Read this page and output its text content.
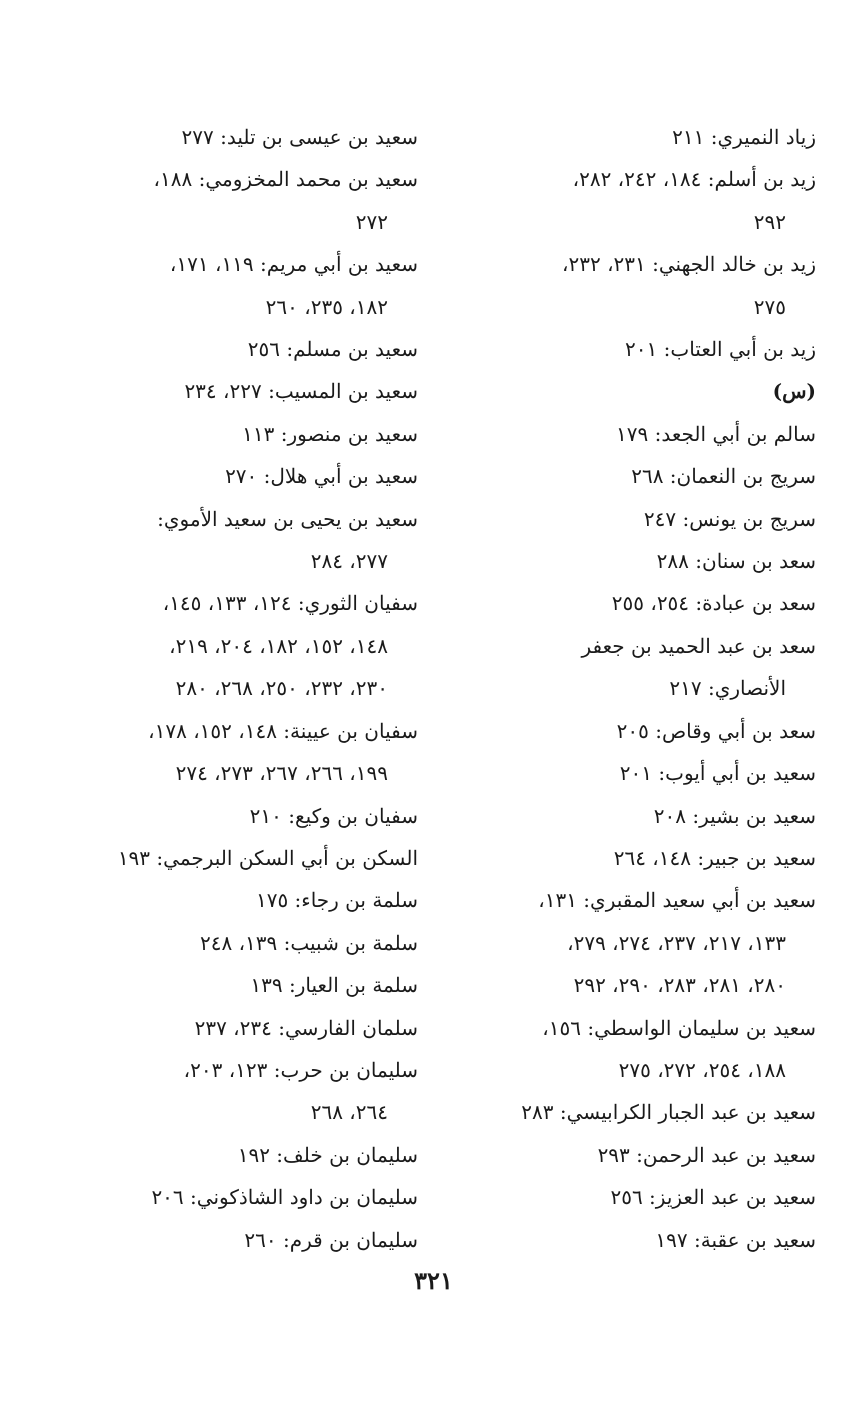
زياد النميري: ٢١١
زيد بن أسلم: ١٨٤، ٢٤٢، ٢٨٢،
٢٩٢
زيد بن خالد الجهني: ٢٣١، ٢٣٢،
٢٧٥
زيد بن أبي العتاب: ٢٠١
(س)
سالم بن أبي الجعد: ١٧٩
سريج بن النعمان: ٢٦٨
سريج بن يونس: ٢٤٧
سعد بن سنان: ٢٨٨
سعد بن عبادة: ٢٥٤، ٢٥٥
سعد بن عبد الحميد بن جعفر
الأنصاري: ٢١٧
سعد بن أبي وقاص: ٢٠٥
سعيد بن أبي أيوب: ٢٠١
سعيد بن بشير: ٢٠٨
سعيد بن جبير: ١٤٨، ٢٦٤
سعيد بن أبي سعيد المقبري: ١٣١،
١٣٣، ٢١٧، ٢٣٧، ٢٧٤، ٢٧٩،
٢٨٠، ٢٨١، ٢٨٣، ٢٩٠، ٢٩٢
سعيد بن سليمان الواسطي: ١٥٦،
١٨٨، ٢٥٤، ٢٧٢، ٢٧٥
سعيد بن عبد الجبار الكرابيسي: ٢٨٣
سعيد بن عبد الرحمن: ٢٩٣
سعيد بن عبد العزيز: ٢٥٦
سعيد بن عقبة: ١٩٧
سعيد بن عيسى بن تليد: ٢٧٧
سعيد بن محمد المخزومي: ١٨٨،
٢٧٢
سعيد بن أبي مريم: ١١٩، ١٧١،
١٨٢، ٢٣٥، ٢٦٠
سعيد بن مسلم: ٢٥٦
سعيد بن المسيب: ٢٢٧، ٢٣٤
سعيد بن منصور: ١١٣
سعيد بن أبي هلال: ٢٧٠
سعيد بن يحيى بن سعيد الأموي:
٢٧٧، ٢٨٤
سفيان الثوري: ١٢٤، ١٣٣، ١٤٥،
١٤٨، ١٥٢، ١٨٢، ٢٠٤، ٢١٩،
٢٣٠، ٢٣٢، ٢٥٠، ٢٦٨، ٢٨٠
سفيان بن عيينة: ١٤٨، ١٥٢، ١٧٨،
١٩٩، ٢٦٦، ٢٦٧، ٢٧٣، ٢٧٤
سفيان بن وكيع: ٢١٠
السكن بن أبي السكن البرجمي: ١٩٣
سلمة بن رجاء: ١٧٥
سلمة بن شبيب: ١٣٩، ٢٤٨
سلمة بن العيار: ١٣٩
سلمان الفارسي: ٢٣٤، ٢٣٧
سليمان بن حرب: ١٢٣، ٢٠٣،
٢٦٤، ٢٦٨
سليمان بن خلف: ١٩٢
سليمان بن داود الشاذكوني: ٢٠٦
سليمان بن قرم: ٢٦٠
٣٢١
